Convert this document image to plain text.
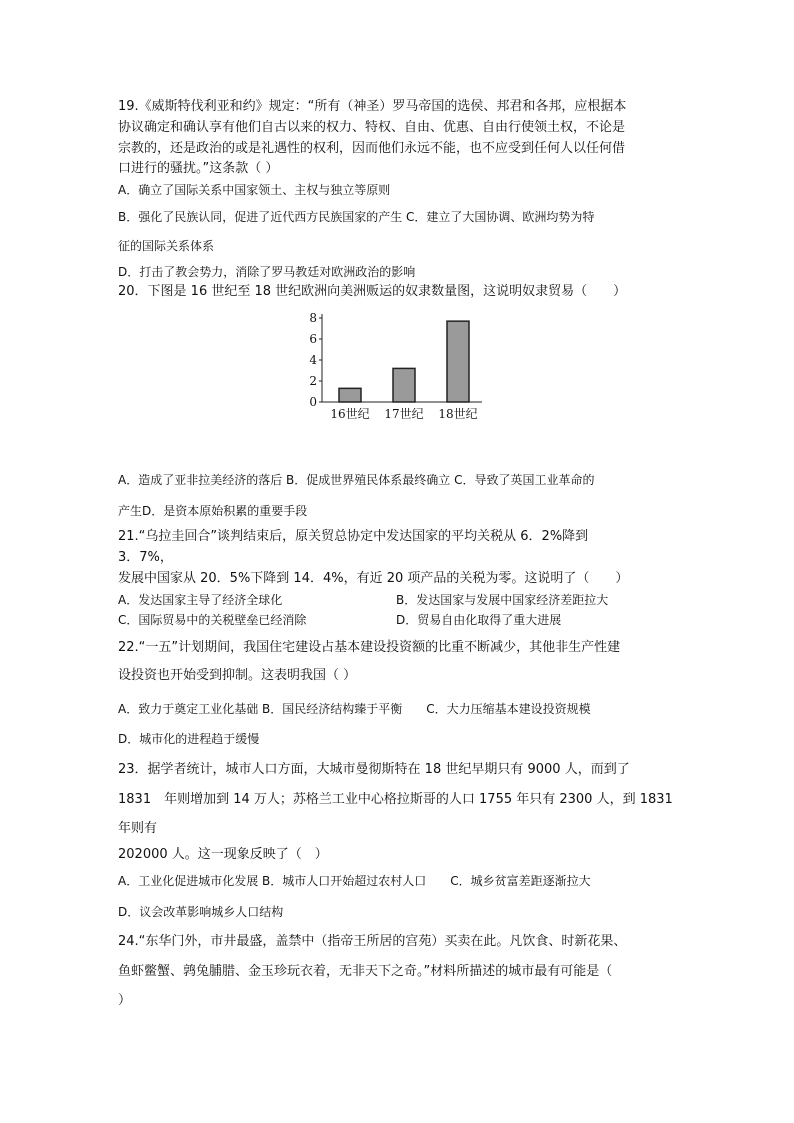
19.《威斯特伐利亚和约》规定：“所有（神圣）罗马帝国的选侯、邦君和各邦，应根据本
协议确定和确认享有他们自古以来的权力、特权、自由、优惠、自由行使领土权，不论是
宗教的，还是政治的或是礼遇性的权利，因而他们永远不能，也不应受到任何人以任何借
口进行的骚扰。”这条款（ ）
A．确立了国际关系中国家领土、主权与独立等原则
B．强化了民族认同，促进了近代西方民族国家的产生 C．建立了大国协调、欧洲均势为特
征的国际关系体系
D．打击了教会势力，消除了罗马教廷对欧洲政治的影响
20．下图是 16 世纪至 18 世纪欧洲向美洲贩运的奴隶数量图，这说明奴隶贸易（　　）
0
2
4
6
8
16世纪 17世纪 18世纪
A．造成了亚非拉美经济的落后 B．促成世界殖民体系最终确立 C．导致了英国工业革命的
产生D．是资本原始积累的重要手段
21.“乌拉圭回合”谈判结束后，原关贸总协定中发达国家的平均关税从 6．2%降到
3．7%，
发展中国家从 20．5%下降到 14．4%，有近 20 项产品的关税为零。这说明了（　　）
A．发达国家主导了经济全球化	B．发达国家与发展中国家经济差距拉大
C．国际贸易中的关税壁垒已经消除	D．贸易自由化取得了重大进展
22.“一五”计划期间，我国住宅建设占基本建设投资额的比重不断减少，其他非生产性建
设投资也开始受到抑制。这表明我国（ ）
A．致力于奠定工业化基础 B．国民经济结构臻于平衡　　C．大力压缩基本建设投资规模
D．城市化的进程趋于缓慢
23．据学者统计，城市人口方面，大城市曼彻斯特在 18 世纪早期只有 9000 人，而到了
1831　年则增加到 14 万人；苏格兰工业中心格拉斯哥的人口 1755 年只有 2300 人，到 1831
年则有
202000 人。这一现象反映了（　）
A．工业化促进城市化发展 B．城市人口开始超过农村人口　　C．城乡贫富差距逐渐拉大
D．议会改革影响城乡人口结构
24.“东华门外，市井最盛，盖禁中（指帝王所居的宫苑）买卖在此。凡饮食、时新花果、
鱼虾鳖蟹、鹑兔脯腊、金玉珍玩衣着，无非天下之奇。”材料所描述的城市最有可能是（
）
